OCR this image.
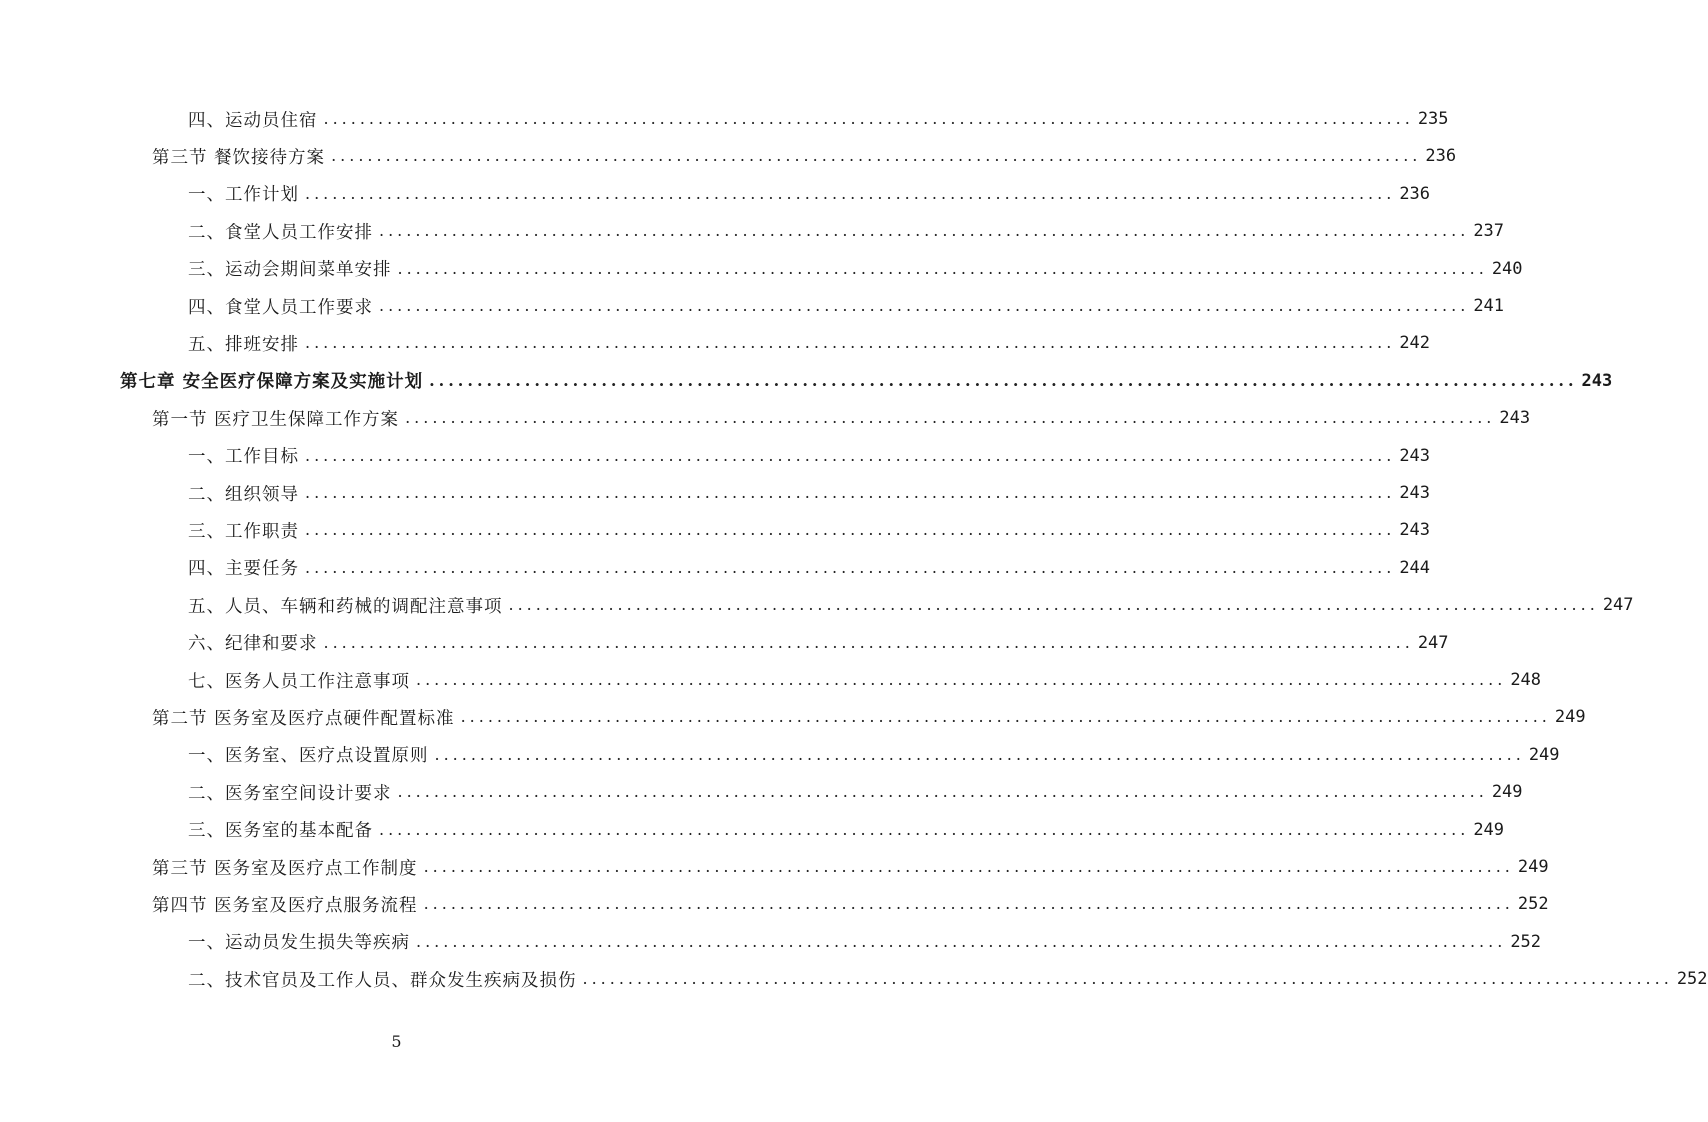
四、运动员住宿 ........................................................................................................................ 235
第三节 餐饮接待方案 ........................................................................................................................ 236
一、工作计划 ........................................................................................................................ 236
二、食堂人员工作安排 ........................................................................................................................ 237
三、运动会期间菜单安排 ........................................................................................................................ 240
四、食堂人员工作要求 ........................................................................................................................ 241
五、排班安排 ........................................................................................................................ 242
第七章 安全医疗保障方案及实施计划 ........................................................................................................................ 243
第一节 医疗卫生保障工作方案 ........................................................................................................................ 243
一、工作目标 ........................................................................................................................ 243
二、组织领导 ........................................................................................................................ 243
三、工作职责 ........................................................................................................................ 243
四、主要任务 ........................................................................................................................ 244
五、人员、车辆和药械的调配注意事项 ........................................................................................................................ 247
六、纪律和要求 ........................................................................................................................ 247
七、医务人员工作注意事项 ........................................................................................................................ 248
第二节 医务室及医疗点硬件配置标准 ........................................................................................................................ 249
一、医务室、医疗点设置原则 ........................................................................................................................ 249
二、医务室空间设计要求 ........................................................................................................................ 249
三、医务室的基本配备 ........................................................................................................................ 249
第三节 医务室及医疗点工作制度 ........................................................................................................................ 249
第四节 医务室及医疗点服务流程 ........................................................................................................................ 252
一、运动员发生损失等疾病 ........................................................................................................................ 252
二、技术官员及工作人员、群众发生疾病及损伤 ........................................................................................................................ 252
5
